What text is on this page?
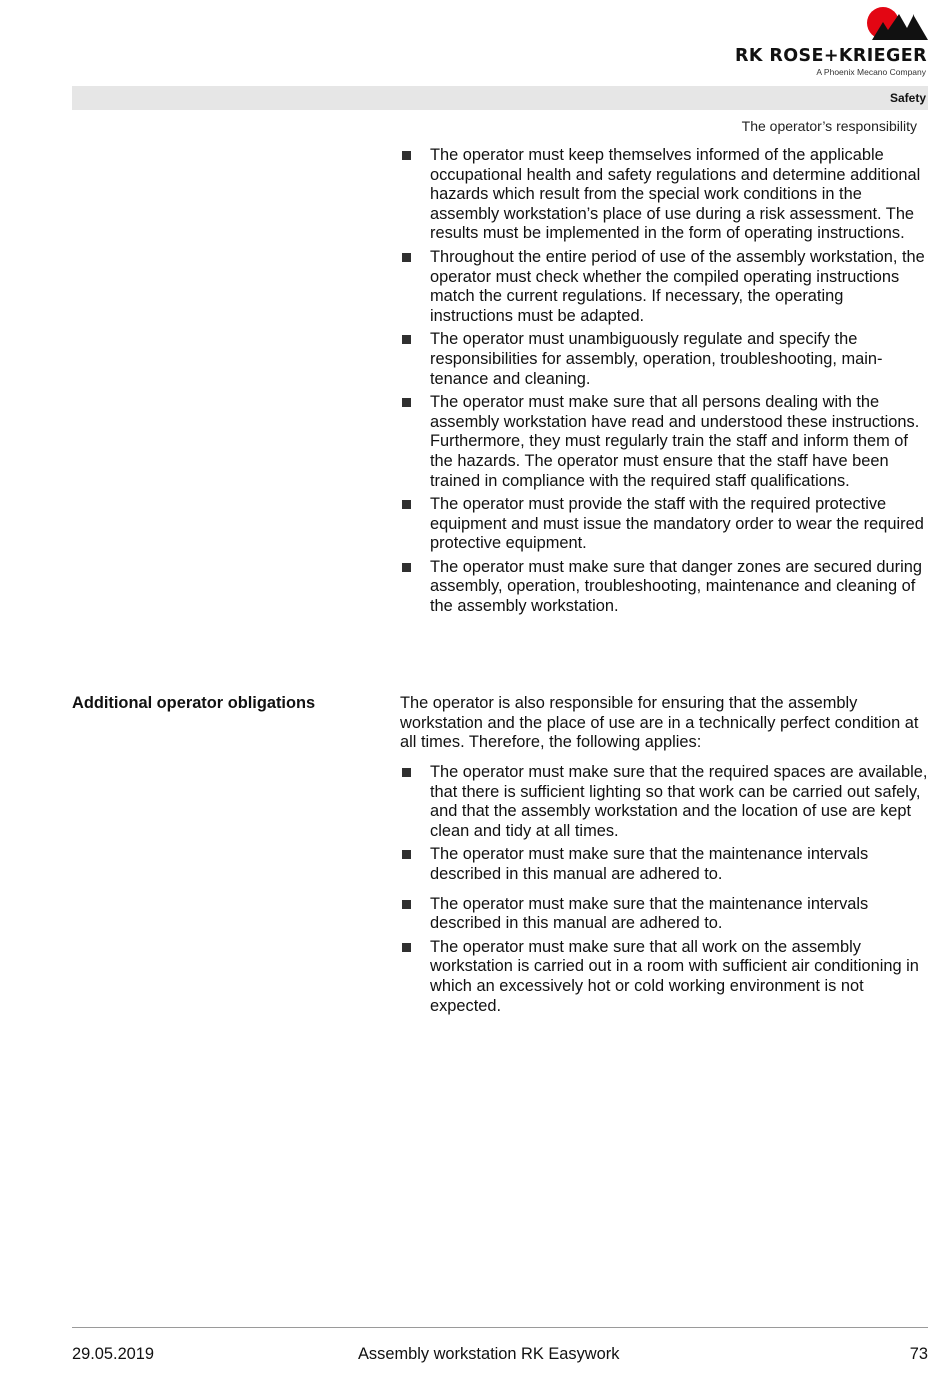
RK ROSE+KRIEGER
A Phoenix Mecano Company
Safety
The operator’s responsibility
The operator must keep themselves informed of the applicable occupational health and safety regulations and determine additional hazards which result from the special work conditions in the assembly workstation’s place of use during a risk assessment. The results must be implemented in the form of operating instructions.
Throughout the entire period of use of the assembly workstation, the operator must check whether the compiled operating instructions match the current regulations. If necessary, the operating instructions must be adapted.
The operator must unambiguously regulate and specify the responsibilities for assembly, operation, troubleshooting, maintenance and cleaning.
The operator must make sure that all persons dealing with the assembly workstation have read and understood these instructions. Furthermore, they must regularly train the staff and inform them of the hazards. The operator must ensure that the staff have been trained in compliance with the required staff qualifications.
The operator must provide the staff with the required protective equipment and must issue the mandatory order to wear the required protective equipment.
The operator must make sure that danger zones are secured during assembly, operation, troubleshooting, maintenance and cleaning of the assembly workstation.
Additional operator obligations	The operator is also responsible for ensuring that the assembly workstation and the place of use are in a technically perfect condition at all times. Therefore, the following applies:

The operator must make sure that the required spaces are available, that there is sufficient lighting so that work can be carried out safely, and that the assembly workstation and the location of use are kept clean and tidy at all times.
The operator must make sure that the maintenance intervals described in this manual are adhered to.
The operator must make sure that the maintenance intervals described in this manual are adhered to.
The operator must make sure that all work on the assembly workstation is carried out in a room with sufficient air conditioning in which an excessively hot or cold working environment is not expected.
29.05.2019	Assembly workstation RK Easywork	73
